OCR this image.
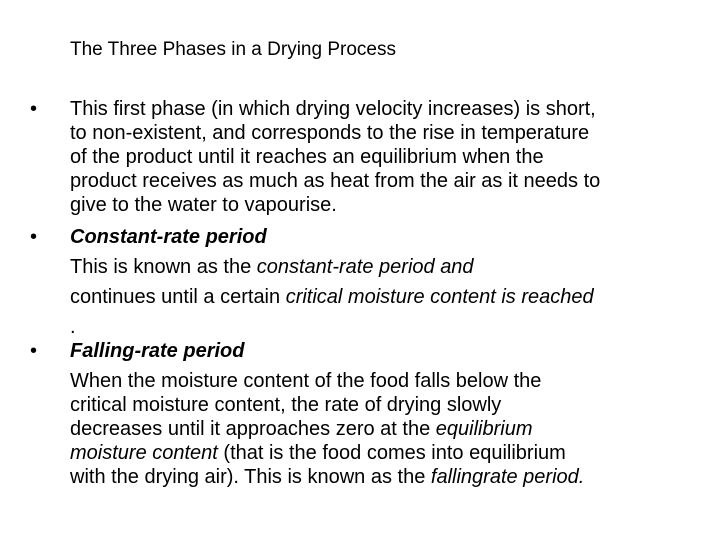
The Three Phases in a Drying Process
•	This first phase (in which drying velocity increases) is short,
to non-existent, and corresponds to the rise in temperature
of the product until it reaches an equilibrium when the
product receives as much as heat from the air as it needs to
give to the water to vapourise.
•	Constant-rate period
This is known as the constant-rate period and
continues until a certain critical moisture content is reached
.
•	Falling-rate period
When the moisture content of the food falls below the
critical moisture content, the rate of drying slowly
decreases until it approaches zero at the equilibrium
moisture content (that is the food comes into equilibrium
with the drying air). This is known as the fallingrate period.
